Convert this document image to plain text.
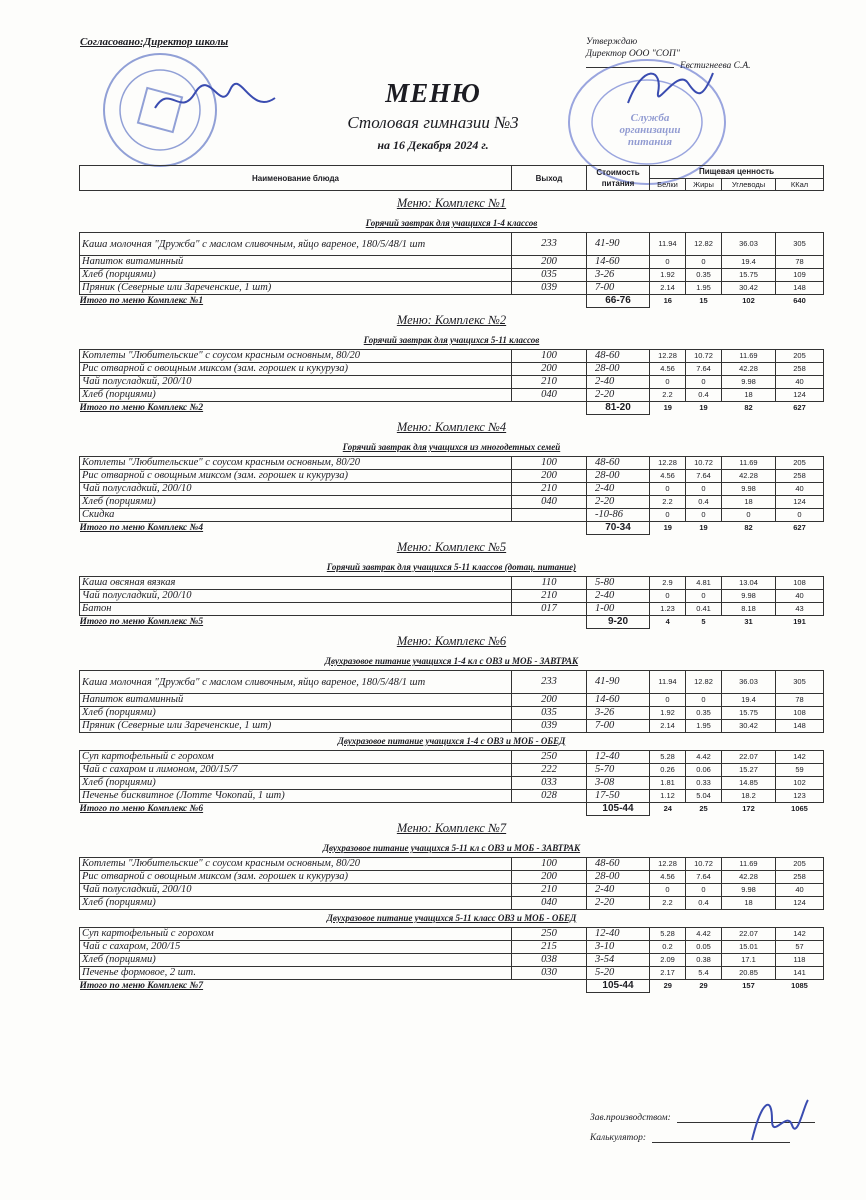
Согласовано:Директор школы	Утверждаю
Директор ООО "СОП"
Евстигнеева С.А.
Служба организации питания
МЕНЮ
Столовая гимназии №3
на 16 Декабря 2024 г.
Наименование блюда	Выход	Стоимость питания	Пищевая ценность			
			Белки	Жиры	Углеводы	ККал
Меню: Комплекс №1						
Горячий завтрак для учащихся 1-4 классов						
Каша молочная "Дружба" с маслом сливочным, яйцо вареное, 180/5/48/1 шт	233	41-90	11.94	12.82	36.03	305
Напиток витаминный	200	14-60	0	0	19.4	78
Хлеб (порциями)	035	3-26	1.92	0.35	15.75	109
Пряник (Северные или Зареченские, 1 шт)	039	7-00	2.14	1.95	30.42	148
Итого по меню Комплекс №1		66-76	16	15	102	640
Меню: Комплекс №2						
Горячий завтрак для учащихся 5-11 классов						
Котлеты "Любительские" с соусом красным основным, 80/20	100	48-60	12.28	10.72	11.69	205
Рис отварной с овощным миксом (зам. горошек и кукуруза)	200	28-00	4.56	7.64	42.28	258
Чай полусладкий, 200/10	210	2-40	0	0	9.98	40
Хлеб (порциями)	040	2-20	2.2	0.4	18	124
Итого по меню Комплекс №2		81-20	19	19	82	627
Меню: Комплекс №4						
Горячий завтрак для учащихся из многодетных семей						
Котлеты "Любительские" с соусом красным основным, 80/20	100	48-60	12.28	10.72	11.69	205
Рис отварной с овощным миксом (зам. горошек и кукуруза)	200	28-00	4.56	7.64	42.28	258
Чай полусладкий, 200/10	210	2-40	0	0	9.98	40
Хлеб (порциями)	040	2-20	2.2	0.4	18	124
Скидка		-10-86	0	0	0	0
Итого по меню Комплекс №4		70-34	19	19	82	627
Меню: Комплекс №5						
Горячий завтрак для учащихся 5-11 классов (дотац. питание)						
Каша овсяная вязкая	110	5-80	2.9	4.81	13.04	108
Чай полусладкий, 200/10	210	2-40	0	0	9.98	40
Батон	017	1-00	1.23	0.41	8.18	43
Итого по меню Комплекс №5		9-20	4	5	31	191
Меню: Комплекс №6						
Двухразовое питание учащихся 1-4 кл с ОВЗ и МОБ - ЗАВТРАК						
Каша молочная "Дружба" с маслом сливочным, яйцо вареное, 180/5/48/1 шт	233	41-90	11.94	12.82	36.03	305
Напиток витаминный	200	14-60	0	0	19.4	78
Хлеб (порциями)	035	3-26	1.92	0.35	15.75	108
Пряник (Северные или Зареченские, 1 шт)	039	7-00	2.14	1.95	30.42	148
Двухразовое питание учащихся 1-4 с ОВЗ и МОБ - ОБЕД						
Суп картофельный с горохом	250	12-40	5.28	4.42	22.07	142
Чай с сахаром и лимоном, 200/15/7	222	5-70	0.26	0.06	15.27	59
Хлеб (порциями)	033	3-08	1.81	0.33	14.85	102
Печенье бисквитное (Лотте Чокопай, 1 шт)	028	17-50	1.12	5.04	18.2	123
Итого по меню Комплекс №6		105-44	24	25	172	1065
Меню: Комплекс №7						
Двухразовое питание учащихся 5-11 кл с ОВЗ и МОБ - ЗАВТРАК						
Котлеты "Любительские" с соусом красным основным, 80/20	100	48-60	12.28	10.72	11.69	205
Рис отварной с овощным миксом (зам. горошек и кукуруза)	200	28-00	4.56	7.64	42.28	258
Чай полусладкий, 200/10	210	2-40	0	0	9.98	40
Хлеб (порциями)	040	2-20	2.2	0.4	18	124
Двухразовое питание учащихся 5-11 класс ОВЗ и МОБ - ОБЕД						
Суп картофельный с горохом	250	12-40	5.28	4.42	22.07	142
Чай с сахаром, 200/15	215	3-10	0.2	0.05	15.01	57
Хлеб (порциями)	038	3-54	2.09	0.38	17.1	118
Печенье формовое, 2 шт.	030	5-20	2.17	5.4	20.85	141
Итого по меню Комплекс №7		105-44	29	29	157	1085
Зав.производством:
Калькулятор:
